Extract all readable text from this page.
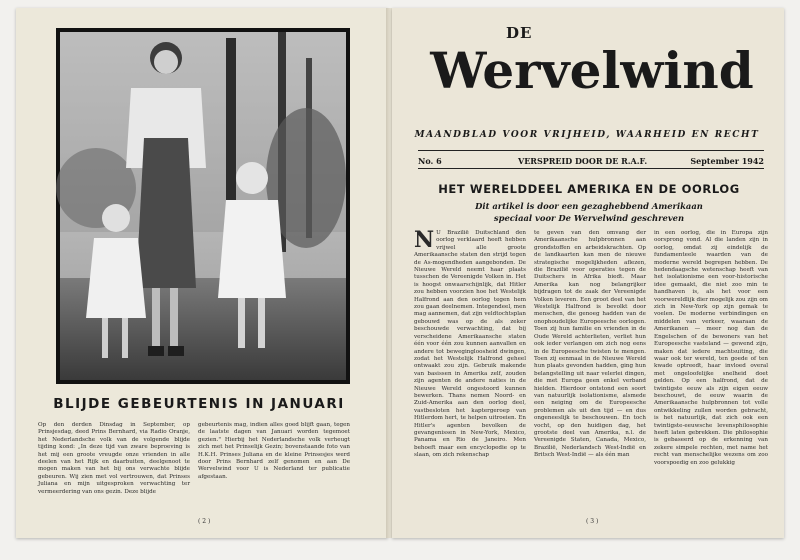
BLIJDE GEBEURTENIS IN JANUARI
Op den derden Dinsdag in September, op Prinsjesdag, deed Prins Bernhard, via Radio Oranje, het Nederlandsche volk van de volgende blijde tijding kond: „In deze tijd van zware beproeving is het mij een groote vreugde onze vrienden in alle deelen van het Rijk en daarbuiten, deelgenoot te mogen maken van het bij ons verwachte blijde gebeuren. Wij zien met vol vertrouwen, dat Prinses Juliana en mijn uitgesproken verwachting ter vermeerdering van ons gezin. Deze blijde
gebeurtenis mag, indien alles goed blijft gaan, tegen de laatste dagen van Januari worden tegemoet gezien." Hierbij het Nederlandsche volk verheugt zich met het Prinselijk Gezin; bovenstaande foto van H.K.H. Prinses Juliana en de kleine Prinsesjes werd door Prins Bernhard zelf genomen en aan De Wervelwind voor U is Nederland ter publicatie afgestaan.
( 2 )
DE
Wervelwind
MAANDBLAD VOOR VRIJHEID, WAARHEID EN RECHT
No. 6	VERSPREID DOOR DE R.A.F.	September 1942
HET WERELDDEEL AMERIKA EN DE OORLOG
Dit artikel is door een gezaghebbend Amerikaan
speciaal voor De Wervelwind geschreven
N U Brazilië Duitschland den oorlog verklaard heeft hebben vrijwel alle groote Amerikaansche staten den strijd tegen de As-mogendheden aangebonden. De Nieuwe Wereld neemt haar plaats tusschen de Vereenigde Volken in. Het is hoogst onwaarschijnlijk, dat Hitler zou hebben voorzien hoe het Westelijk Halfrond aan den oorlog tegen hem zou gaan deelnemen. Integendeel, men mag aannemen, dat zijn veldtochtsplan gebouwd was op de als zeker beschouwde verwachting, dat bij verscheidene Amerikaansche staten één voor één zou kunnen aanvallen en andere tot bewegingloosheid dwingen, zodat het Westelijk Halfrond geheel ontwaakt zou zijn. Gebruik makende van basissen in Amerika zelf, zouden zijn agenten de andere naties in de Nieuwe Wereld ongestoord kunnen bewerken. Thans nemen Noord- en Zuid-Amerika aan den oorlog deel, vastbesloten het kaptergeroep van Hitlerdom hert, te helpen uitroeien. En Hitler's agenten bevolken de gevangenissen in New-York, Mexico, Panama en Rio de Janeiro. Men behoeft maar een encyclopedie op te slaan, om zich rekenschap
te geven van den omvang der Amerikaansche hulpbronnen aan grondstoffen en arbeidskrachten. Op de landkaarten kan men de nieuwe strategische mogelijkheden aflezen, die Brazilië voor operaties tegen de Duitschers in Afrika biedt. Maar Amerika kan nog belangrijker bijdragen tot de zaak der Vereenigde Volken leveren. Een groot deel van het Westelijk Halfrond is bevolkt door menschen, die genoeg hadden van de onophoudelijke Europeesche oorlogen. Toen zij hun familie en vrienden in de Oude Wereld achterlieten, verliet hun ook ieder verlangen om zich nog eens in de Europeesche twisten te mengen. Toen zij eenmaal in de Nieuwe Wereld hun plaats gevonden hadden, ging hun belangstelling uit naar velerlei dingen, die met Europa geen enkel verband hielden. Hierdoor ontstond een soort van natuurlijk isolationisme, alsmede een neiging om de Europeesche problemen als uit den tijd — en dus ongeneeslijk te beschouwen. En toch vocht, op den huidigen dag, het grootste deel van Amerika, n.l. de Vereenigde Staten, Canada, Mexico, Brazilië, Nederlandsch West-Indië en Britsch West-Indië — als één man
in een oorlog, die in Europa zijn oorsprong vond. Al die landen zijn in oorlog, omdat zij eindelijk de fundamenteele waarden van de moderne wereld begrepen hebben. De hedendaagsche wetenschap heeft van het isolationisme een voor-historische idee gemaakt, die niet zoo min te handhaven is, als het voor een voorwereldlijk dier mogelijk zou zijn om zich in New-York op zijn gemak te voelen. De moderne verbindingen en middelen van verkeer, waaraan de Amerikanen — meer nog dan de Engelschen of de bewoners van het Europeesche vasteland — gewend zijn, maken dat iedere machtsuiting, die waar ook ter wereld, ten goede of ten kwade optreedt, haar invloed overal met ongeloofelijke snelheid doet gelden. Op een halfrond, dat de twintigste eeuw als zijn eigen eeuw beschouwt, de eeuw waarin de Amerikaansche hulpbronnen tot volle ontwikkeling zullen worden gebracht, is het natuurlijk, dat zich ook een twintigste-eeuwsche levensphilosophie heeft laten gebrekken. Die philosophie is gebaseerd op de erkenning van zekere simpele rechten, met name het recht van menschelijke wezens om zoo voorspoedig en zoo gelukkig
( 3 )
